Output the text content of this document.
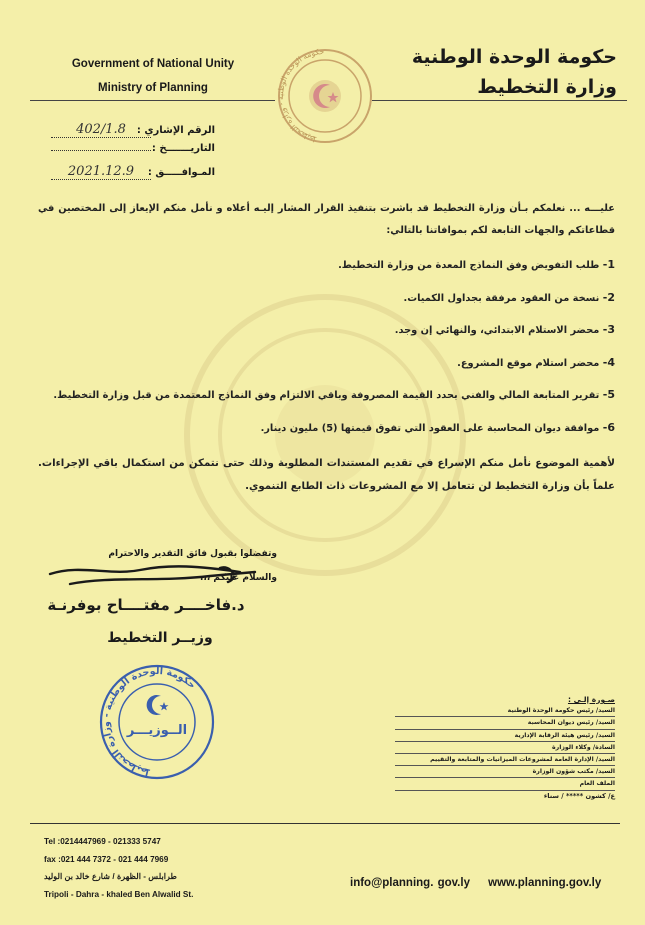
Government of National Unity
Ministry of Planning
حكومة الوحدة الوطنية
وزارة التخطيط
حكومة الوحدة الوطنية - وزارة التخطيط
الرقم الإشاري :
402/1.8
التاريـــــــخ :
المـوافـــــق :
2021.12.9
عليـــه ... نعلمكم بـأن وزارة التخطيط قد باشرت بتنفيذ القرار المشار إليـه أعلاه و نأمل منكم الإيعاز إلى المختصين في قطاعاتكم والجهات التابعة لكم بموافاتنا بالتالي:
1- طلب التفويض وفق النماذج المعدة من وزارة التخطيط.
2- نسخة من العقود مرفقة بجداول الكميات.
3- محضر الاستلام الابتدائي، والنهائي إن وجد.
4- محضر استلام موقع المشروع.
5- تقرير المتابعة المالي والفني بحدد القيمة المصروفة وباقي الالتزام وفق النماذج المعتمدة من قبل وزارة التخطيط.
6- موافقة ديوان المحاسبة على العقود التي تفوق قيمتها (5) مليون دينار.
لأهمية الموضوع نأمل منكم الإسراع في تقديم المستندات المطلوبة وذلك حتى نتمكن من استكمال باقي الإجراءات. علماً بأن وزارة التخطيط لن تتعامل إلا مع المشروعات ذات الطابع التنموي.
وتفضلوا بقبول فائق التقدير والاحترام
والسلام عليكم ،،،
د.فاخــــر مفتــــاح بوفرنـة
وزيــر التخطيط
حكومة الوحدة الوطنية - وزارة التخطيط
الــوزيـــر
صـورة إلـى :
السيد/ رئيس حكومة الوحدة الوطنية
السيد/ رئيس ديوان المحاسبة
السيد/ رئيس هيئة الرقابة الإدارية
السادة/ وكلاء الوزارة
السيد/ الإدارة العامة لمشروعات الميزانيات والمتابعة والتقييم
السيد/ مكتب شؤون الوزارة
الملف العام
ع/ كشون ***** / سناء
Tel :0214447969 - 021333 5747
fax :021 444 7372 - 021 444 7969
طرابلس - الظهرة / شارع خالد بن الوليد
Tripoli - Dahra - khaled Ben Alwalid St.
info@planning. gov.ly www.planning.gov.ly
